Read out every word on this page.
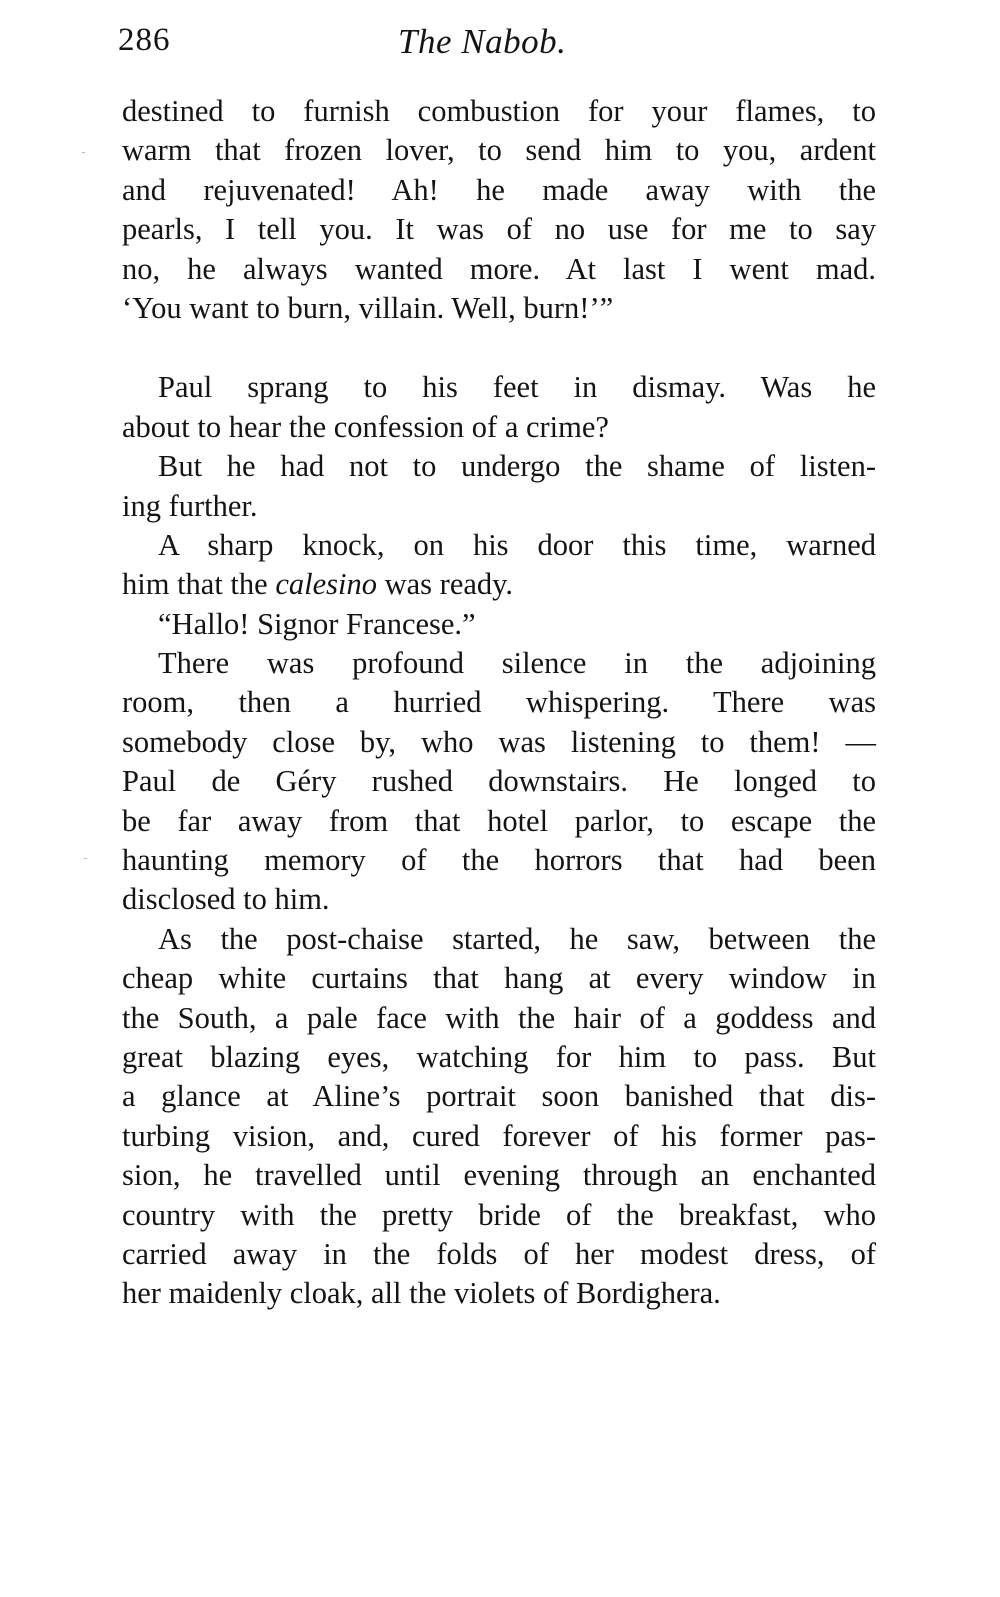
286	The Nabob.
destined to furnish combustion for your flames, to
warm that frozen lover, to send him to you, ardent
and rejuvenated! Ah! he made away with the
pearls, I tell you. It was of no use for me to say
no, he always wanted more. At last I went mad.
‘You want to burn, villain. Well, burn!’”
Paul sprang to his feet in dismay. Was he
about to hear the confession of a crime?
But he had not to undergo the shame of listen-
ing further.
A sharp knock, on his door this time, warned
him that the calesino was ready.
“Hallo! Signor Francese.”
There was profound silence in the adjoining
room, then a hurried whispering. There was
somebody close by, who was listening to them! —
Paul de Géry rushed downstairs. He longed to
be far away from that hotel parlor, to escape the
haunting memory of the horrors that had been
disclosed to him.
As the post-chaise started, he saw, between the
cheap white curtains that hang at every window in
the South, a pale face with the hair of a goddess and
great blazing eyes, watching for him to pass. But
a glance at Aline’s portrait soon banished that dis-
turbing vision, and, cured forever of his former pas-
sion, he travelled until evening through an enchanted
country with the pretty bride of the breakfast, who
carried away in the folds of her modest dress, of
her maidenly cloak, all the violets of Bordighera.
